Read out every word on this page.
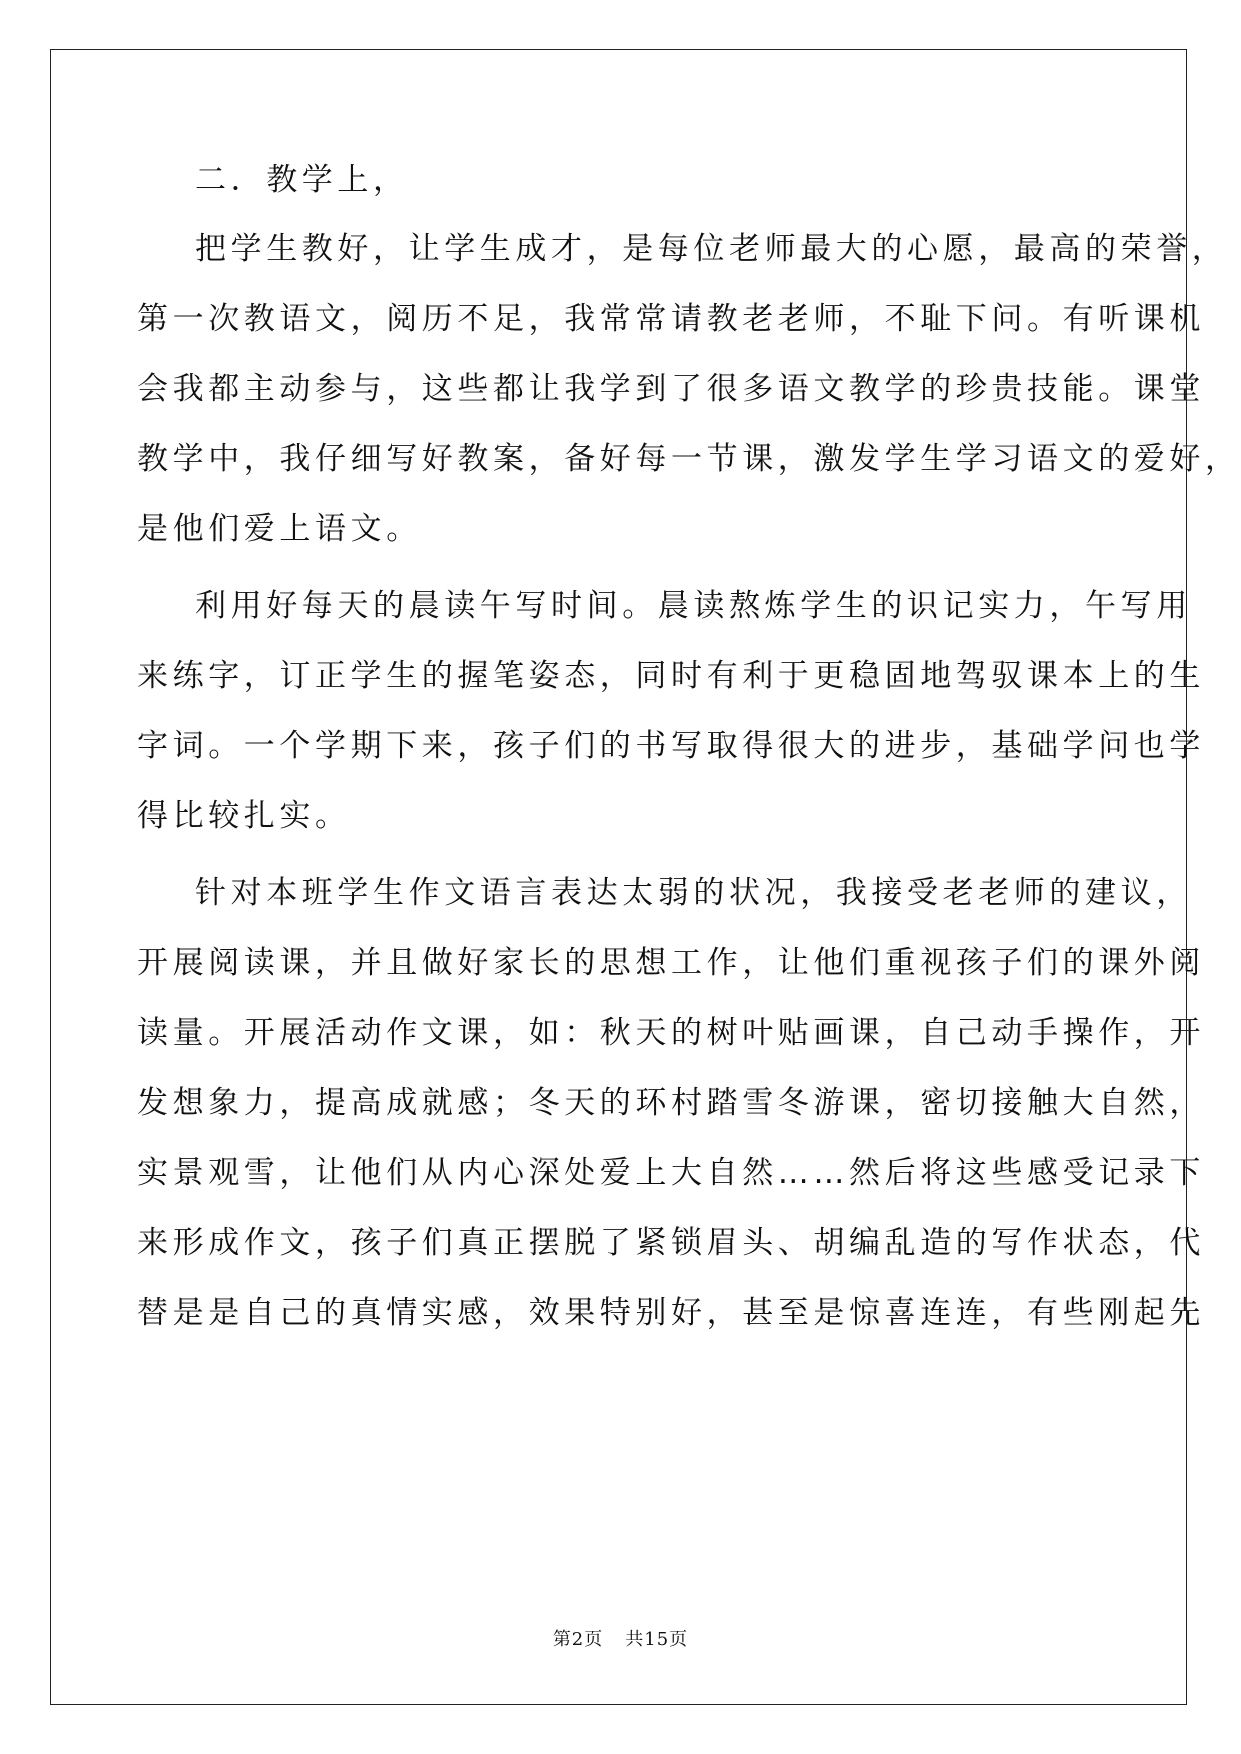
二．教学上，
把学生教好，让学生成才，是每位老师最大的心愿，最高的荣誉，
第一次教语文，阅历不足，我常常请教老老师，不耻下问。有听课机
会我都主动参与，这些都让我学到了很多语文教学的珍贵技能。课堂
教学中，我仔细写好教案，备好每一节课，激发学生学习语文的爱好，
是他们爱上语文。
利用好每天的晨读午写时间。晨读熬炼学生的识记实力，午写用
来练字，订正学生的握笔姿态，同时有利于更稳固地驾驭课本上的生
字词。一个学期下来，孩子们的书写取得很大的进步，基础学问也学
得比较扎实。
针对本班学生作文语言表达太弱的状况，我接受老老师的建议，
开展阅读课，并且做好家长的思想工作，让他们重视孩子们的课外阅
读量。开展活动作文课，如：秋天的树叶贴画课，自己动手操作，开
发想象力，提高成就感；冬天的环村踏雪冬游课，密切接触大自然，
实景观雪，让他们从内心深处爱上大自然……然后将这些感受记录下
来形成作文，孩子们真正摆脱了紧锁眉头、胡编乱造的写作状态，代
替是是自己的真情实感，效果特别好，甚至是惊喜连连，有些刚起先
第2页 共15页
